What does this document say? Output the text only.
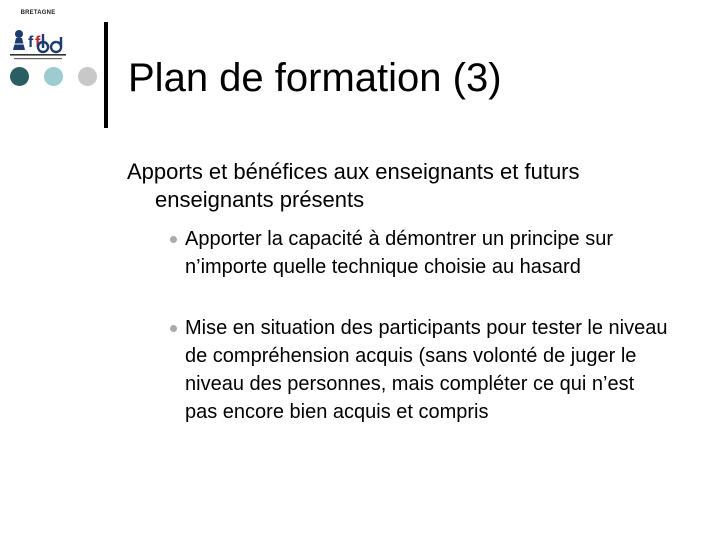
BRETAGNE
f f
Plan de formation (3)
Apports et bénéfices aux enseignants et futurs enseignants présents
Apporter la capacité à démontrer un principe sur n’importe quelle technique choisie au hasard
Mise en situation des participants pour tester le niveau de compréhension acquis (sans volonté de juger le niveau des personnes, mais compléter ce qui n’est pas encore bien acquis et compris
